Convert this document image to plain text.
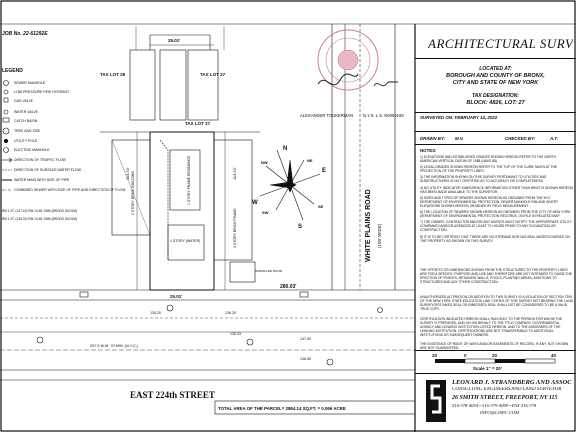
N
S
E
W
NW	NE
SE
SW
JOB No. 22-61292E
LEGEND
SEWER MANHOLE
LOW-PRESSURE FIRE HYDRANT
GAS VALVE
WATER VALVE
CATCH BASIN
TREE AND SIZE
UTILITY POLE
ELECTRIC MANHOLE
DIRECTION OF TRAFFIC FLOW
DIRECTION OF SURFACE WATER FLOW
WATER MAIN WITH SIZE OF PIPE
COMBINED SEWER WITH SIZE OF PIPE AND DIRECTION OF FLOW
RM 1.97' (137.42) RM 14.66' 1988 (BRONX DATUM)
RM 1.97' (135.32) RM 14.66' 1988 (BRONX DATUM)
TAX LOT 28	TAX LOT 27
TAX LOT 27
25.01'
25.01'
280.03'
114.52'	114.52'
2 STORY BRICK BUILDING	1 STORY FRAME RESIDENCE
3 STORY BRICK FRAME
1 STORY (WATER)
SPRINKLER ROOM
WHITE PLAINS ROAD (100' WIDE)
EAST 224th STREET
135.20	136.30
135.33
137.09
136.50
257.5 W.M. 70 MIN. (N.Y.C.)
TOTAL AREA OF THE PARCEL= 2864.14 SQ.FT. = 0.066 ACRE
ARCHITECTURAL SURV
LOCATED AT:
BOROUGH AND COUNTY OF BRONX,
CITY AND STATE OF NEW YORK
TAX DESIGNATION:
BLOCK: 4826, LOT: 27
ALEXANDER TOUKERMAN N.Y.S. L.S. N0050189	SURVEYED ON: FEBRUARY 14, 2022
DRAWN BY: M.V.	CHECKED BY:	A.T.
NOTES:
1) ELEVATIONS AND ESTABLISHED GRADES SHOWN HEREON REFER TO THE NORTH AMERICAN VERTICAL DATUM OF 1988 (NAVD 88).
2) LEGAL GRADES SHOWN HEREON REFER TO THE TOP OF THE CURB TAKEN AT THE PROJECTION OF THE PROPERTY LINES.
3) THE INFORMATION SHOWN ON THIS SURVEY PERTAINING TO UTILITIES AND SUBSTRUCTURES IS NOT CERTIFIED AS TO ACCURACY OR COMPLETENESS.
4) NO UTILITY INDICATOR SUBSURFACE INFORMATION OTHER THAN WHAT IS SHOWN HEREON HAS BEEN MADE AVAILABLE TO THE SURVEYOR.
5) SIZES AND TYPES OF SEWERS SHOWN HEREON AS OBTAINED FROM THE NYC DEPARTMENT OF ENVIRONMENTAL PROTECTION; SEWER MANHOLE RIM AND INVERT ELEVATIONS SHOWN HEREON OBTAINED BY FIELD MEASUREMENT.
6) THE LOCATION OF SEWERS SHOWN HEREON AS OBTAINED FROM THE CITY OF NEW YORK DEPARTMENT OF ENVIRONMENTAL PROTECTION RECORDS, ON FILE IN RELATED MAP.
7) THE OWNER, CONTRACTOR AND/OR ANY AGENTS MUST NOTIFY THE APPROPRIATE UTILITY COMPANIES AND/OR AGENCIES AT LEAST 72 HOURS PRIOR TO ANY EXCAVATION OR CONSTRUCTION.
8) IT IS TO BE CERTIFIED THAT THERE ARE NO STREAMS NOR NATURAL WATERCOURSES ON THE PROPERTY AS SHOWN ON THIS SURVEY.
THE OFFSETS OR DIMENSIONS SHOWN FROM THE STRUCTURES TO THE PROPERTY LINES ARE FOR A SPECIFIC PURPOSE AND USE AND THEREFORE ARE NOT INTENDED TO GUIDE THE ERECTION OF FENCES, RETAINING WALLS, POOLS, PLANTING AREAS, ADDITIONS TO STRUCTURES AND ANY OTHER CONSTRUCTION.
UNAUTHORIZED ALTERATION OR ADDITION TO THIS SURVEY IS A VIOLATION OF SECTION 7209 OF THE NEW YORK STATE EDUCATION LAW. COPIES OF THIS SURVEY NOT BEARING THE LAND SURVEYOR'S INKED SEAL OR EMBOSSED SEAL SHALL NOT BE CONSIDERED TO BE A VALID TRUE COPY.
CERTIFICATION INDICATED HEREON SHALL RUN ONLY TO THE PERSON FOR WHOM THE SURVEY IS PREPARED, AND ON HIS BEHALF TO THE TITLE COMPANY, GOVERNMENTAL AGENCY AND LENDING INSTITUTION LISTED HEREON, AND TO THE ASSIGNEES OF THE LENDING INSTITUTION. CERTIFICATIONS ARE NOT TRANSFERABLE TO ADDITIONAL INSTITUTIONS OR SUBSEQUENT OWNERS.
THE EXISTENCE OF RIGHT OF WAYS AND/OR EASEMENTS OF RECORD, IF ANY, NOT SHOWN ARE NOT GUARANTEED.
20	0	20	40
Scale 1" = 20'
LEONARD J. STRANDBERG AND ASSOC
CONSULTING ENGINEERS AND LAND SURVEYOR
26 SMITH STREET, FREEPORT, NY 115
516-378-4054 • 516-379-4099 • FAX 516-378
INFO@LJSPC.COM
